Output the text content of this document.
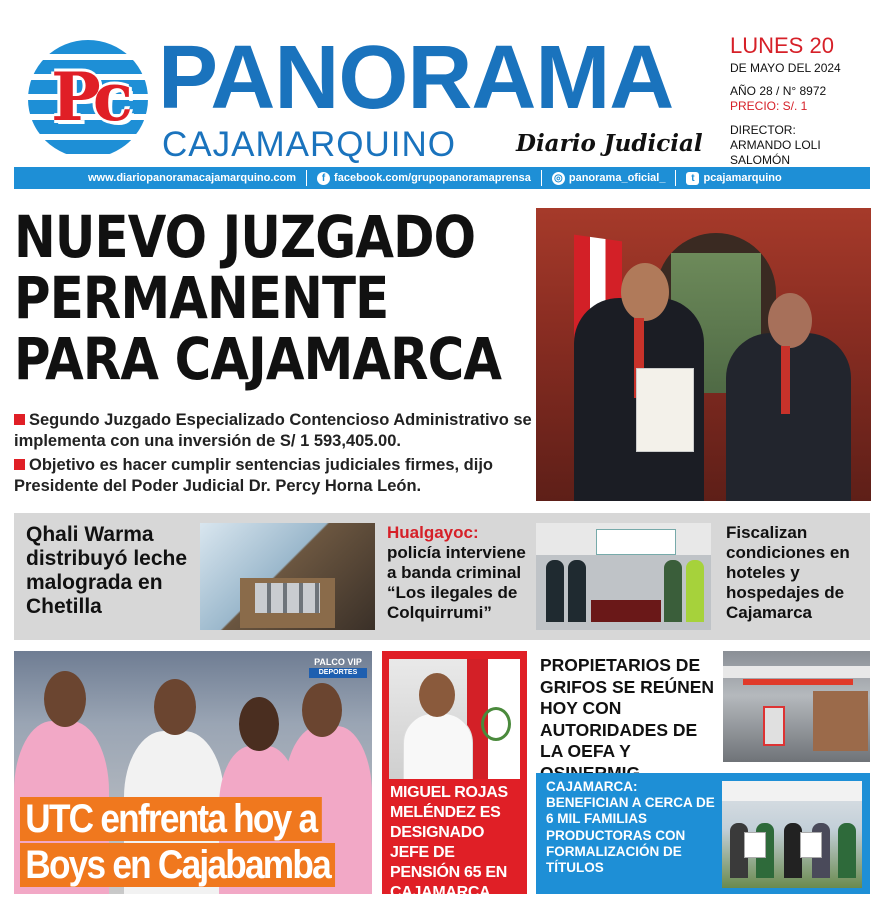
Pc PANORAMA
CAJAMARQUINO	Diario Judicial
LUNES 20
DE MAYO DEL 2024
AÑO 28 / N° 8972
PRECIO: S/. 1
DIRECTOR:
ARMANDO LOLI SALOMÓN
www.diariopanoramacajamarquino.com	f facebook.com/grupopanoramaprensa ◎ panorama_oficial_	t pcajamarquino
NUEVO JUZGADO
PERMANENTE
PARA CAJAMARCA
Segundo Juzgado Especializado Contencioso Administrativo se implementa con una inversión de S/ 1 593,405.00.
Objetivo es hacer cumplir sentencias judiciales firmes, dijo Presidente del Poder Judicial Dr. Percy Horna León.
Qhali Warma distribuyó leche malograda en Chetilla
Hualgayoc: policía interviene a banda criminal “Los ilegales de Colquirrumi”
Fiscalizan condiciones en hoteles y hospedajes de Cajamarca
PALCO VIP
DEPORTES
UTC enfrenta hoy a
Boys en Cajabamba
MIGUEL ROJAS MELÉNDEZ ES DESIGNADO JEFE DE PENSIÓN 65 EN CAJAMARCA
PROPIETARIOS DE GRIFOS SE REÚNEN HOY CON AUTORIDADES DE LA OEFA Y
CAJAMARCA: BENEFICIAN A CERCA DE 6 MIL FAMILIAS PRODUCTORAS CON FORMALIZACIÓN DE TÍTULOS
